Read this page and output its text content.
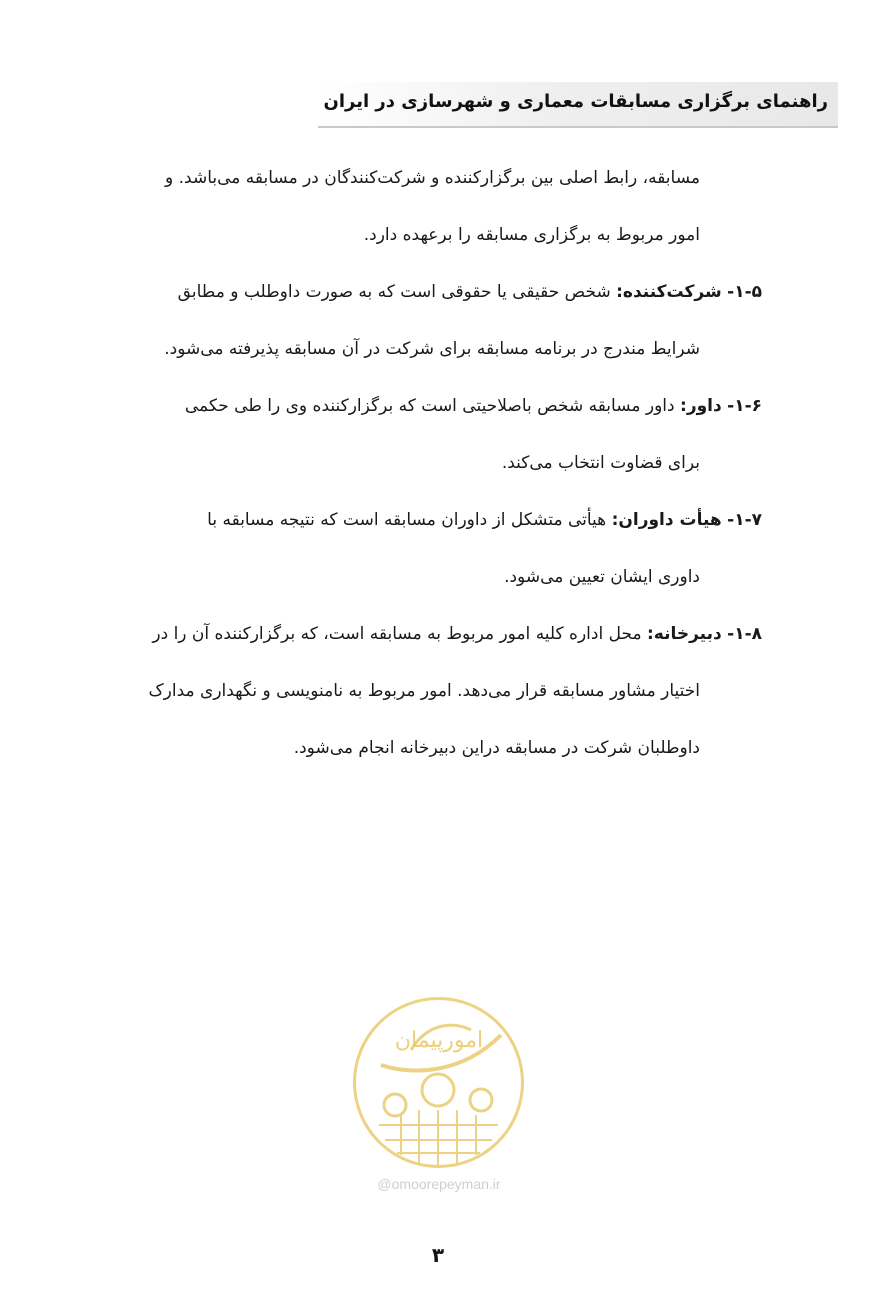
راهنمای برگزاری مسابقات معماری و شهرسازی در ایران

مسابقه، رابط اصلی بین برگزارکننده و شرکت‌کنندگان در مسابقه می‌باشد. و
امور مربوط به برگزاری مسابقه را برعهده دارد.

۱-۵- شرکت‌کننده: شخص حقیقی یا حقوقی است که به صورت داوطلب و مطابق
شرایط مندرج در برنامه مسابقه برای شرکت در آن مسابقه پذیرفته می‌شود.

۱-۶- داور: داور مسابقه شخص باصلاحیتی است که برگزارکننده وی را طی حکمی
برای قضاوت انتخاب می‌کند.

۱-۷- هیأت داوران: هیأتی متشکل از داوران مسابقه است که نتیجه مسابقه با
داوری ایشان تعیین می‌شود.

۱-۸- دبیرخانه: محل اداره کلیه امور مربوط به مسابقه است، که برگزارکننده آن را در
اختیار مشاور مسابقه قرار می‌دهد. امور مربوط به نامنویسی و نگهداری مدارک
داوطلبان شرکت در مسابقه دراین دبیرخانه انجام می‌شود.

امورپیمان
@omoorepeyman.ir
۳
